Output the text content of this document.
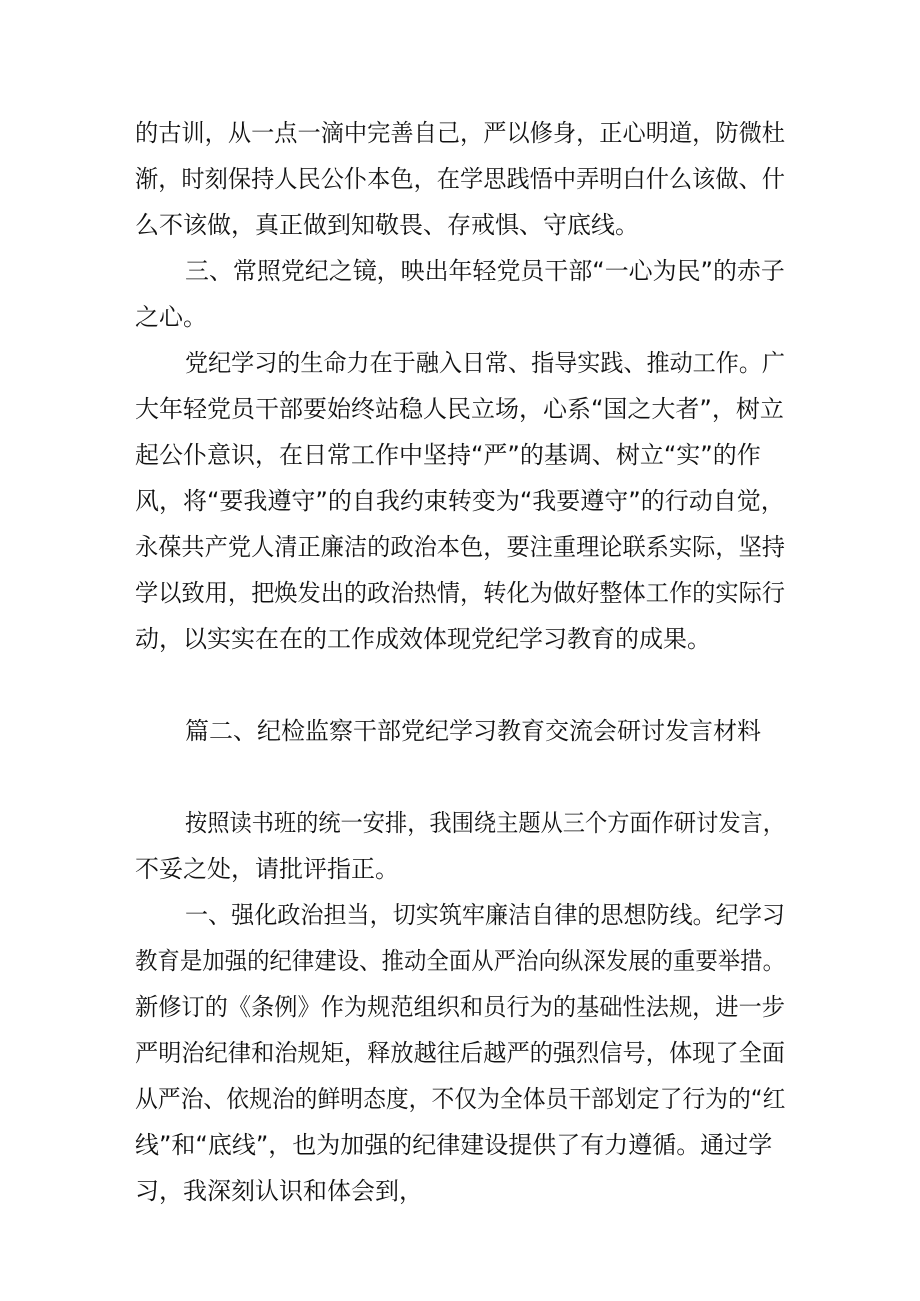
的古训，从一点一滴中完善自己，严以修身，正心明道，防微杜

渐，时刻保持人民公仆本色，在学思践悟中弄明白什么该做、什

么不该做，真正做到知敬畏、存戒惧、守底线。

三、常照党纪之镜，映出年轻党员干部“一心为民”的赤子

之心。

党纪学习的生命力在于融入日常、指导实践、推动工作。广

大年轻党员干部要始终站稳人民立场，心系“国之大者”，树立

起公仆意识，在日常工作中坚持“严”的基调、树立“实”的作

风，将“要我遵守”的自我约束转变为“我要遵守”的行动自觉，

永葆共产党人清正廉洁的政治本色，要注重理论联系实际，坚持

学以致用，把焕发出的政治热情，转化为做好整体工作的实际行

动，以实实在在的工作成效体现党纪学习教育的成果。

篇二、纪检监察干部党纪学习教育交流会研讨发言材料

按照读书班的统一安排，我围绕主题从三个方面作研讨发言，

不妥之处，请批评指正。

一、强化政治担当，切实筑牢廉洁自律的思想防线。纪学习

教育是加强的纪律建设、推动全面从严治向纵深发展的重要举措。

新修订的《条例》作为规范组织和员行为的基础性法规，进一步

严明治纪律和治规矩，释放越往后越严的强烈信号，体现了全面

从严治、依规治的鲜明态度，不仅为全体员干部划定了行为的“红

线”和“底线”，也为加强的纪律建设提供了有力遵循。通过学

习，我深刻认识和体会到，
